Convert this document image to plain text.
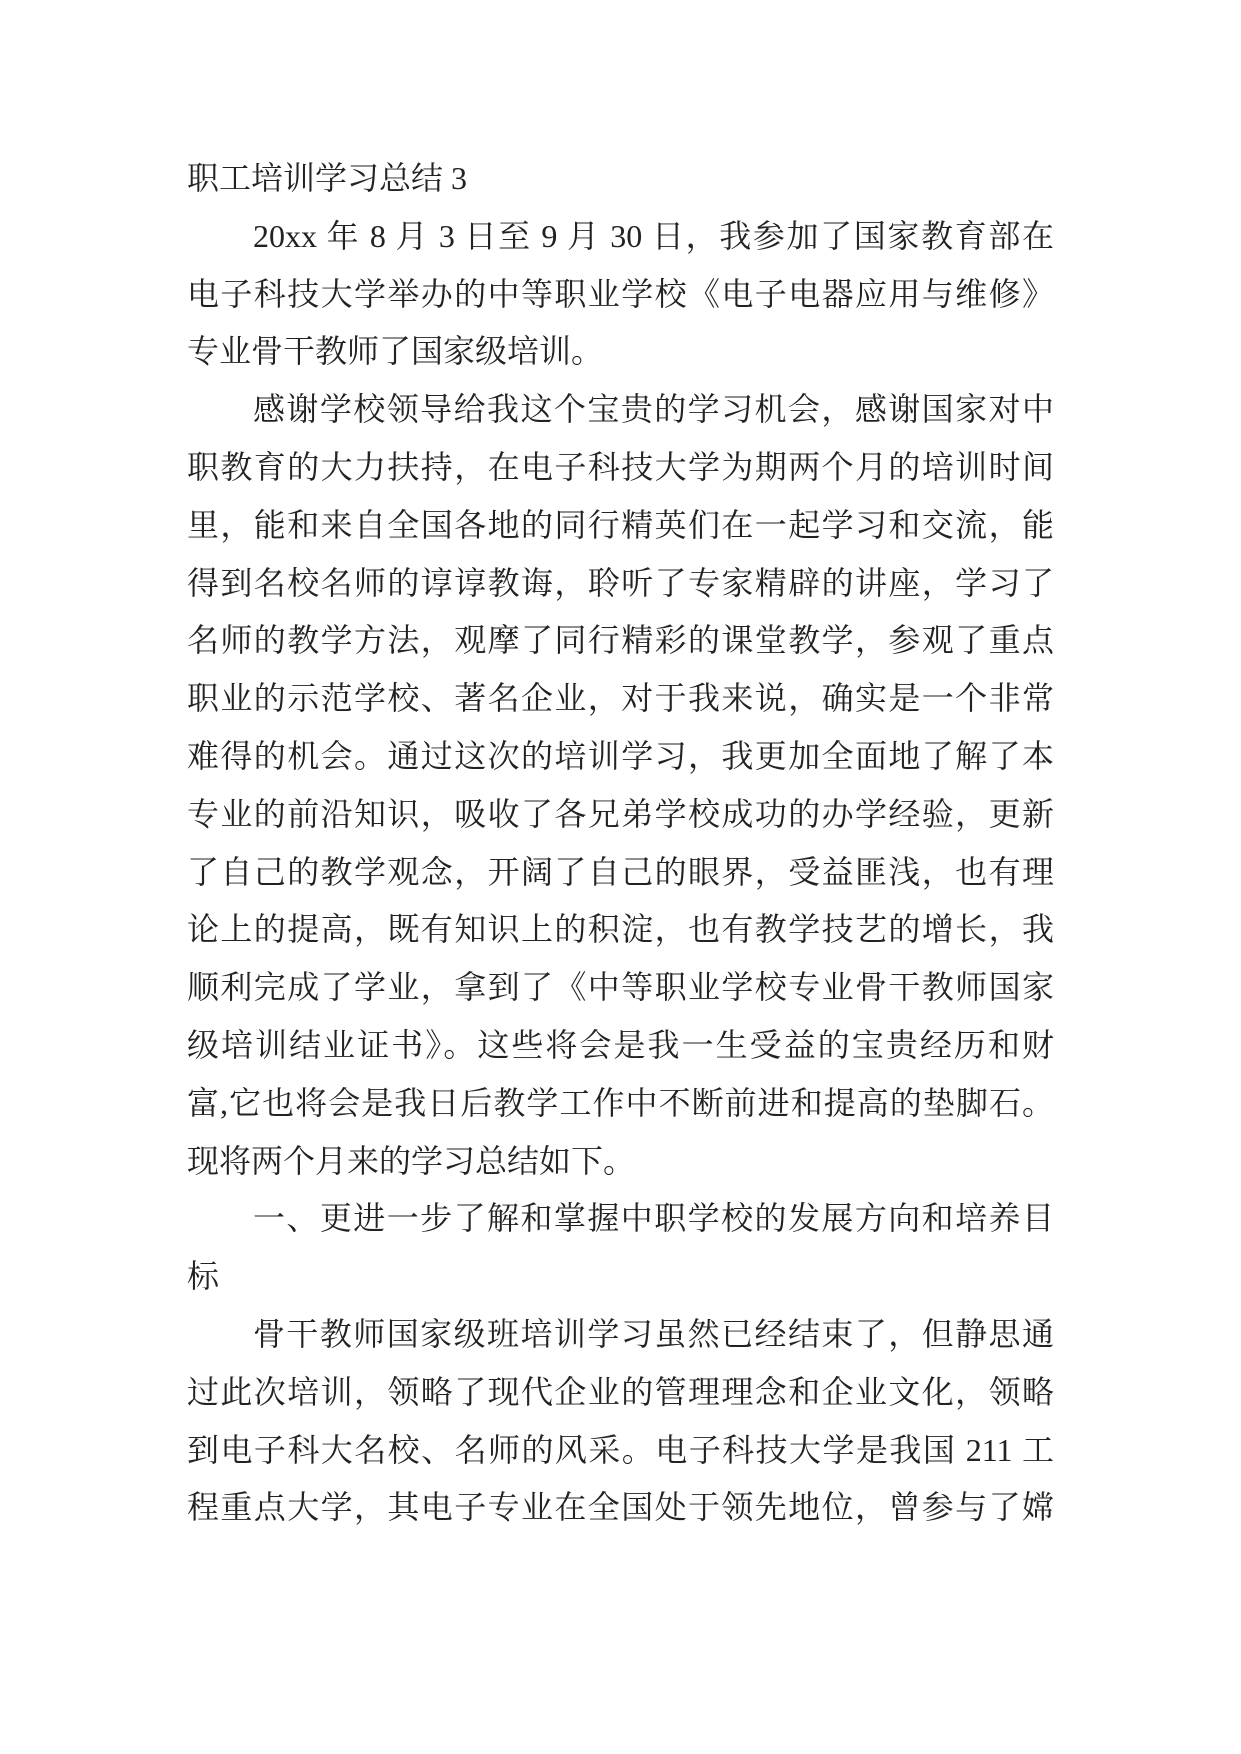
职工培训学习总结 3
20xx 年 8 月 3 日至 9 月 30 日，我参加了国家教育部在
电子科技大学举办的中等职业学校《电子电器应用与维修》
专业骨干教师了国家级培训。
感谢学校领导给我这个宝贵的学习机会，感谢国家对中
职教育的大力扶持，在电子科技大学为期两个月的培训时间
里，能和来自全国各地的同行精英们在一起学习和交流，能
得到名校名师的谆谆教诲，聆听了专家精辟的讲座，学习了
名师的教学方法，观摩了同行精彩的课堂教学，参观了重点
职业的示范学校、著名企业，对于我来说，确实是一个非常
难得的机会。通过这次的培训学习，我更加全面地了解了本
专业的前沿知识，吸收了各兄弟学校成功的办学经验，更新
了自己的教学观念，开阔了自己的眼界，受益匪浅，也有理
论上的提高，既有知识上的积淀，也有教学技艺的增长，我
顺利完成了学业，拿到了《中等职业学校专业骨干教师国家
级培训结业证书》。这些将会是我一生受益的宝贵经历和财
富,它也将会是我日后教学工作中不断前进和提高的垫脚石。
现将两个月来的学习总结如下。
一、更进一步了解和掌握中职学校的发展方向和培养目
标
骨干教师国家级班培训学习虽然已经结束了，但静思通
过此次培训，领略了现代企业的管理理念和企业文化，领略
到电子科大名校、名师的风采。电子科技大学是我国 211 工
程重点大学，其电子专业在全国处于领先地位，曾参与了嫦
